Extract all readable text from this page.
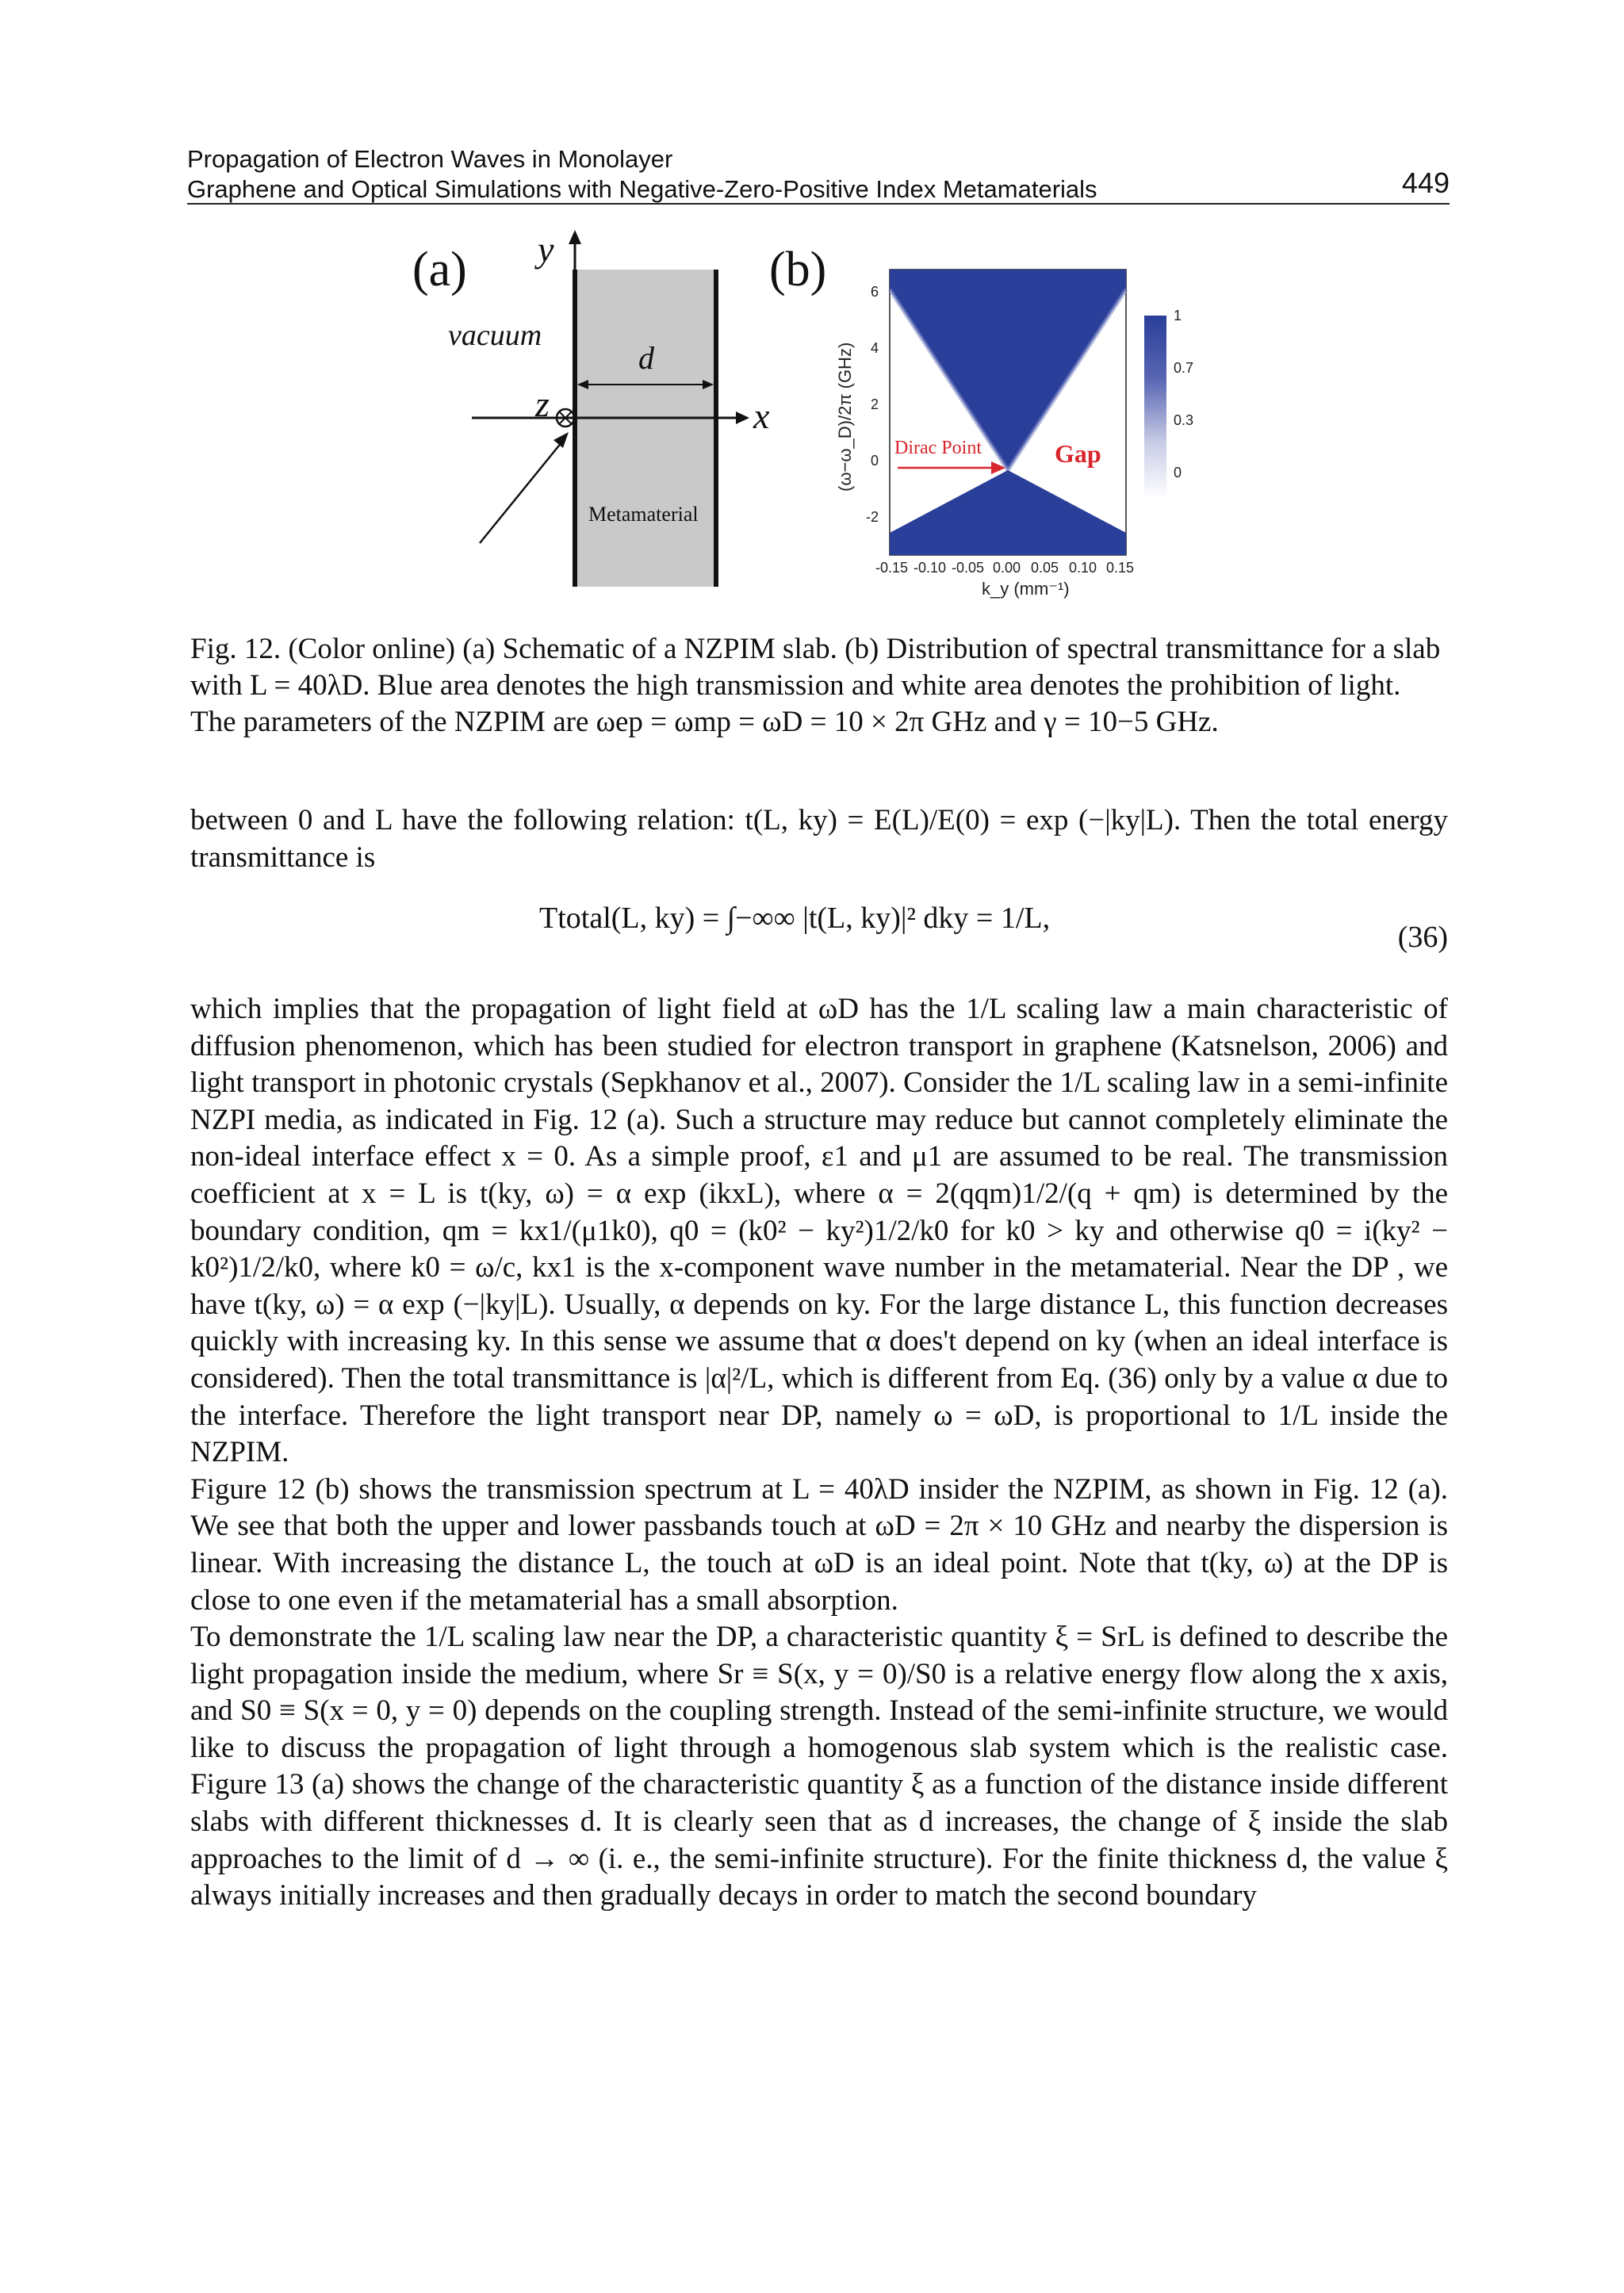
Propagation of Electron Waves in Monolayer
Graphene and Optical Simulations with Negative-Zero-Positive Index Metamaterials	449
(a) y
x
z
vacuum
d
Metamaterial
(b)	6
4
2
0
-2
(ω−ω_D)/2π (GHz)
-0.15 -0.10 -0.05 0.00 0.05 0.10 0.15
k_y (mm⁻¹)
Dirac Point	Gap
1
0.7
0.3
0
Fig. 12. (Color online) (a) Schematic of a NZPIM slab. (b) Distribution of spectral transmittance for a slab with L = 40λD. Blue area denotes the high transmission and white area denotes the prohibition of light. The parameters of the NZPIM are ωep = ωmp = ωD = 10 × 2π GHz and γ = 10−5 GHz.

between 0 and L have the following relation: t(L, ky) = E(L)/E(0) = exp (−|ky|L). Then the total energy transmittance is

Ttotal(L, ky) = ∫−∞∞ |t(L, ky)|² dky = 1/L,
(36)

which implies that the propagation of light field at ωD has the 1/L scaling law a main characteristic of diffusion phenomenon, which has been studied for electron transport in graphene (Katsnelson, 2006) and light transport in photonic crystals (Sepkhanov et al., 2007). Consider the 1/L scaling law in a semi-infinite NZPI media, as indicated in Fig. 12 (a). Such a structure may reduce but cannot completely eliminate the non-ideal interface effect x = 0. As a simple proof, ε1 and μ1 are assumed to be real. The transmission coefficient at x = L is t(ky, ω) = α exp (ikxL), where α = 2(qqm)1/2/(q + qm) is determined by the boundary condition, qm = kx1/(μ1k0), q0 = (k0² − ky²)1/2/k0 for k0 > ky and otherwise q0 = i(ky² − k0²)1/2/k0, where k0 = ω/c, kx1 is the x-component wave number in the metamaterial. Near the DP , we have t(ky, ω) = α exp (−|ky|L). Usually, α depends on ky. For the large distance L, this function decreases quickly with increasing ky. In this sense we assume that α does't depend on ky (when an ideal interface is considered). Then the total transmittance is |α|²/L, which is different from Eq. (36) only by a value α due to the interface. Therefore the light transport near DP, namely ω = ωD, is proportional to 1/L inside the NZPIM.

Figure 12 (b) shows the transmission spectrum at L = 40λD insider the NZPIM, as shown in Fig. 12 (a). We see that both the upper and lower passbands touch at ωD = 2π × 10 GHz and nearby the dispersion is linear. With increasing the distance L, the touch at ωD is an ideal point. Note that t(ky, ω) at the DP is close to one even if the metamaterial has a small absorption.

To demonstrate the 1/L scaling law near the DP, a characteristic quantity ξ = SrL is defined to describe the light propagation inside the medium, where Sr ≡ S(x, y = 0)/S0 is a relative energy flow along the x axis, and S0 ≡ S(x = 0, y = 0) depends on the coupling strength. Instead of the semi-infinite structure, we would like to discuss the propagation of light through a homogenous slab system which is the realistic case. Figure 13 (a) shows the change of the characteristic quantity ξ as a function of the distance inside different slabs with different thicknesses d. It is clearly seen that as d increases, the change of ξ inside the slab approaches to the limit of d → ∞ (i. e., the semi-infinite structure). For the finite thickness d, the value ξ always initially increases and then gradually decays in order to match the second boundary
